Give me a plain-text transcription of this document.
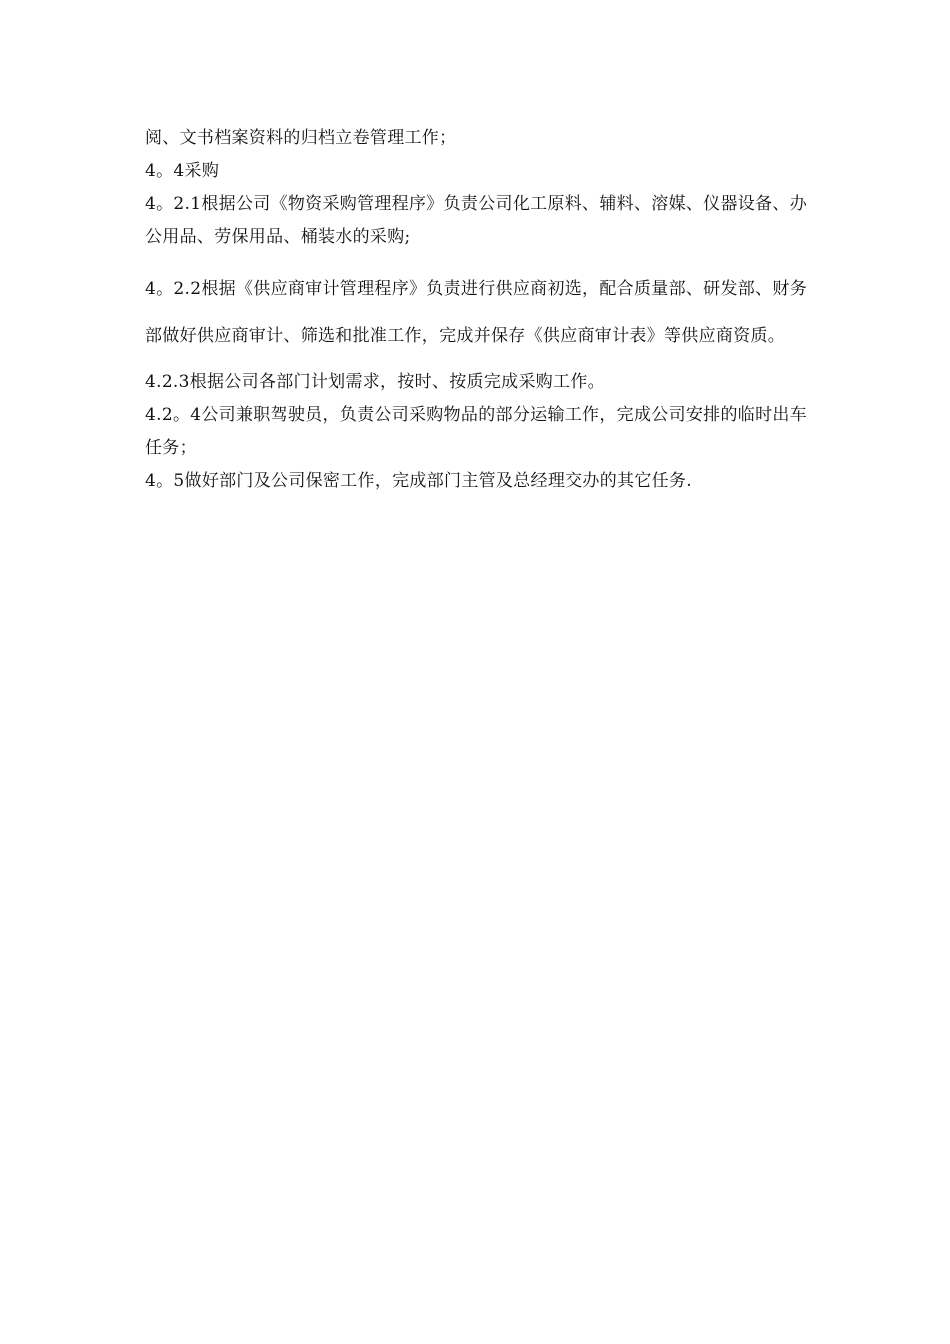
阅、文书档案资料的归档立卷管理工作；

4。4采购

4。2.1根据公司《物资采购管理程序》负责公司化工原料、辅料、溶媒、仪器设备、办公用品、劳保用品、桶装水的采购;

4。2.2根据《供应商审计管理程序》负责进行供应商初选，配合质量部、研发部、财务部做好供应商审计、筛选和批准工作，完成并保存《供应商审计表》等供应商资质。

4.2.3根据公司各部门计划需求，按时、按质完成采购工作。

4.2。4公司兼职驾驶员，负责公司采购物品的部分运输工作，完成公司安排的临时出车任务；

4。5做好部门及公司保密工作，完成部门主管及总经理交办的其它任务.
